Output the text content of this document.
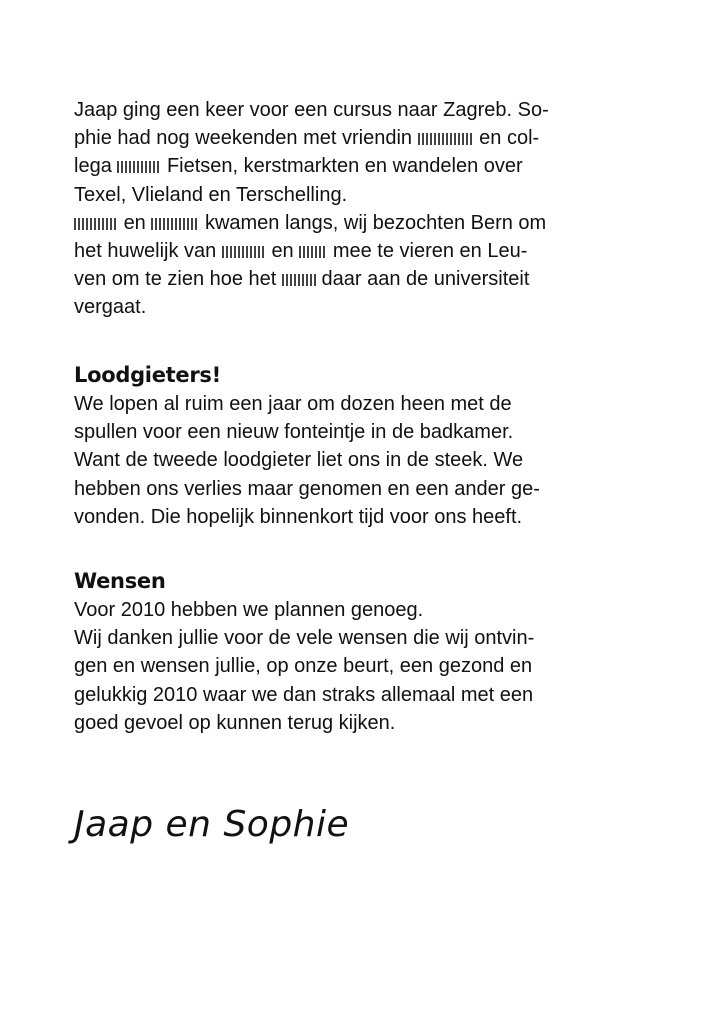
Jaap ging een keer voor een cursus naar Zagreb. So-
phie had nog weekenden met vriendin	en col-
lega	Fietsen, kerstmarkten en wandelen over
Texel, Vlieland en Terschelling.
en	kwamen langs, wij bezochten Bern om
het huwelijk van	en mee te vieren en Leu-
ven om te zien hoe het daar aan de universiteit
vergaat.
Loodgieters!
We lopen al ruim een jaar om dozen heen met de
spullen voor een nieuw fonteintje in de badkamer.
Want de tweede loodgieter liet ons in de steek. We
hebben ons verlies maar genomen en een ander ge-
vonden. Die hopelijk binnenkort tijd voor ons heeft.
Wensen
Voor 2010 hebben we plannen genoeg.
Wij danken jullie voor de vele wensen die wij ontvin-
gen en wensen jullie, op onze beurt, een gezond en
gelukkig 2010 waar we dan straks allemaal met een
goed gevoel op kunnen terug kijken.

Jaap en Sophie
